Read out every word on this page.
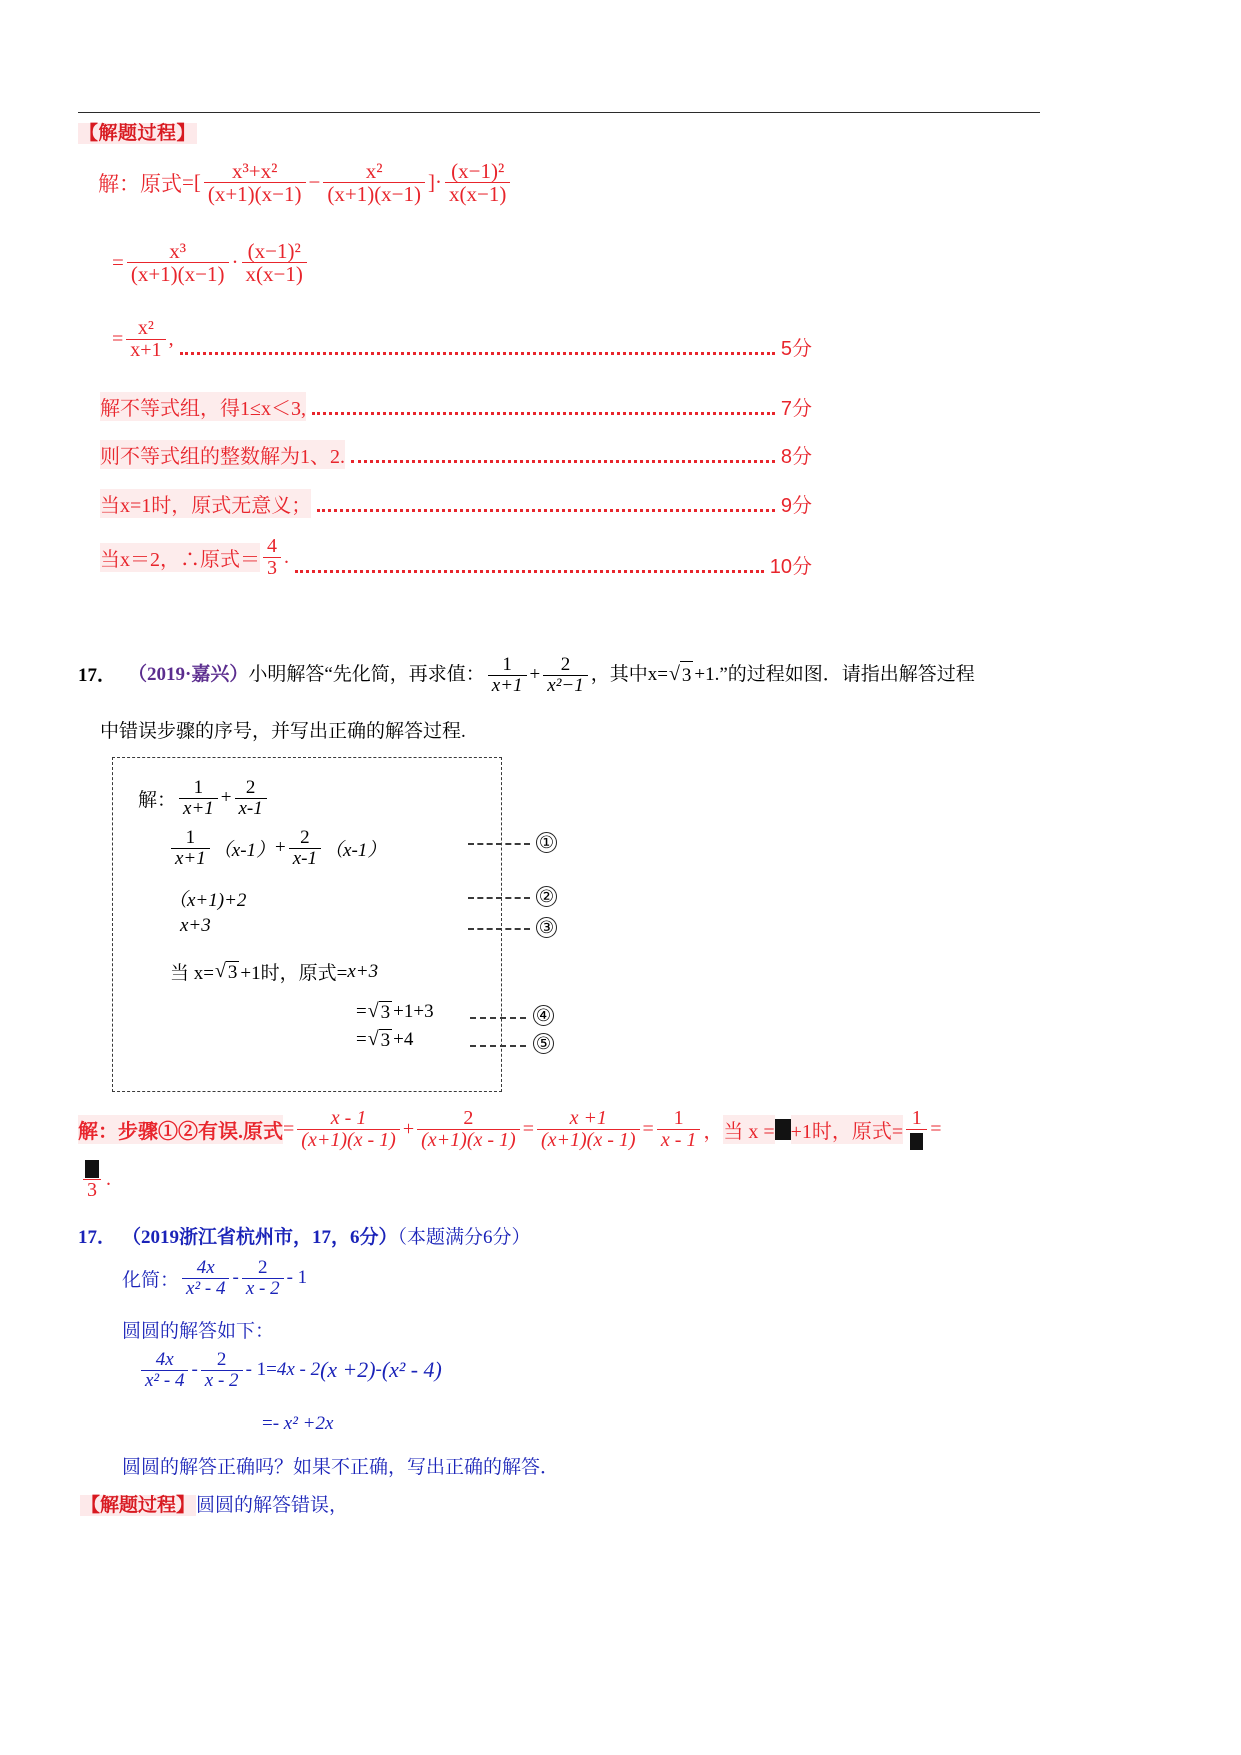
【解题过程】
解：原式 = [ $\frac{\text{x³+x²}}{(x+1)(x-1)} - \frac{\text{x²}}{(x+1)(x-1)}$ ] · $\frac{\text{(x−1)²}}{x(x-1)}$
= $\frac{\text{x³}}{(x+1)(x-1)} \cdot \frac{\text{(x−1)²}}{x(x-1)}$
= $\frac{\text{x²}}{x+1}$ ,	5分
解不等式组，得1≤x＜3,	7分
则不等式组的整数解为1、2.	8分
当x=1时，原式无意义；	9分
当x＝2，∴原式＝ $\frac{4}{3}$ .	10分
17． （2019·嘉兴） 小明解答“先化简，再求值： $\frac{1}{x+1} + \frac{2}{\text{x²−1}}$ ，其中x= √ 3 +1.”的过程如图．请指出解答过程
中错误步骤的序号，并写出正确的解答过程.
解： $\frac{1}{x+1} + \frac{2}{x-1}$
$\frac{1}{x+1} (x-1) + \frac{2}{x-1} (x-1)$	①
（x+1)+2	②
x+3	③
当 x= √ 3 +1时，原式= x+3
= √ 3 +1+3	④
= √ 3 +4	⑤
解：步骤①②有误.原式 = $\frac{x - 1}{(x+1)(x - 1)} + \frac{2}{(x+1)(x - 1)} = \frac{x +1}{(x+1)(x - 1)} = \frac{1}{x - 1}$ ， 当 x = +1时， 原式=
1 =
3 .
17． （2019浙江省杭州市，17，6分）（本题满分6分）
化简： $\frac{4x}{\text{x² - 4}} - \frac{2}{x - 2} - 1$
圆圆的解答如下：
$\frac{4x}{\text{x² - 4}} - \frac{2}{x - 2} - 1 = 4x - 2$ (x +2) - (x² - 4)
= - x² +2x
圆圆的解答正确吗？如果不正确，写出正确的解答．
【解题过程】圆圆的解答错误，
